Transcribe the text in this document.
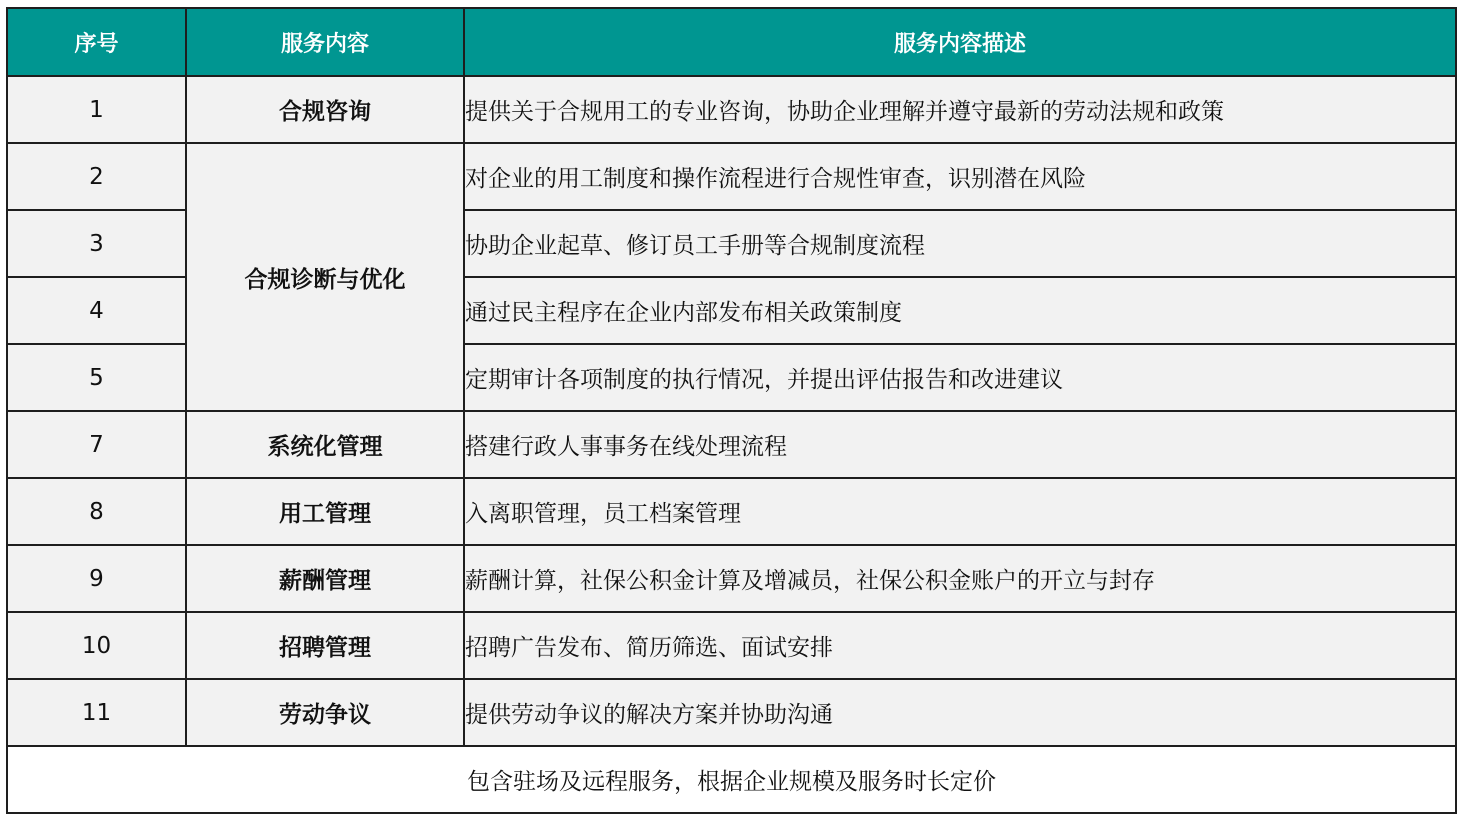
序号	服务内容	服务内容描述
1	合规咨询	提供关于合规用工的专业咨询，协助企业理解并遵守最新的劳动法规和政策
2	合规诊断与优化	对企业的用工制度和操作流程进行合规性审查，识别潜在风险
3		协助企业起草、修订员工手册等合规制度流程
4		通过民主程序在企业内部发布相关政策制度
5		定期审计各项制度的执行情况，并提出评估报告和改进建议
7	系统化管理	搭建行政人事事务在线处理流程
8	用工管理	入离职管理，员工档案管理
9	薪酬管理	薪酬计算，社保公积金计算及增减员，社保公积金账户的开立与封存
10	招聘管理	招聘广告发布、简历筛选、面试安排
11	劳动争议	提供劳动争议的解决方案并协助沟通
包含驻场及远程服务，根据企业规模及服务时长定价		
